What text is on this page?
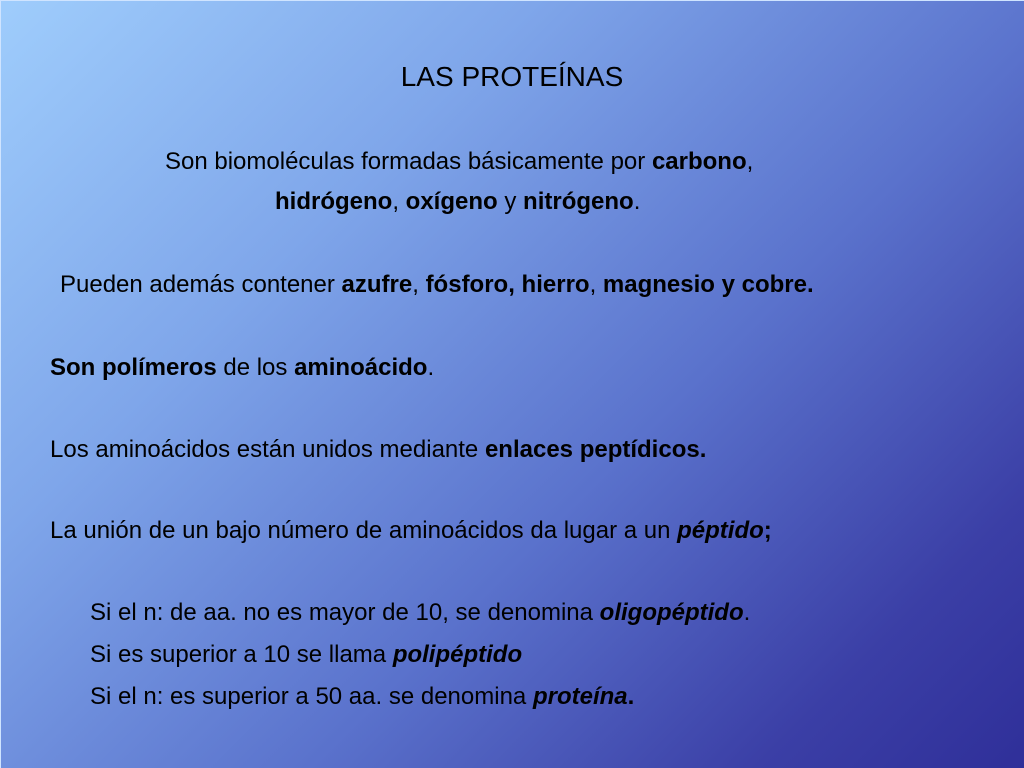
LAS PROTEÍNAS
Son biomoléculas formadas básicamente por carbono,
hidrógeno, oxígeno y nitrógeno.
Pueden además contener azufre, fósforo, hierro, magnesio y cobre.
Son polímeros de los aminoácido.
Los aminoácidos están unidos mediante enlaces peptídicos.
La unión de un bajo número de aminoácidos da lugar a un péptido;
Si el n: de aa. no es mayor de 10, se denomina oligopéptido.
Si es superior a 10 se llama polipéptido
Si el n: es superior a 50 aa. se denomina proteína.
